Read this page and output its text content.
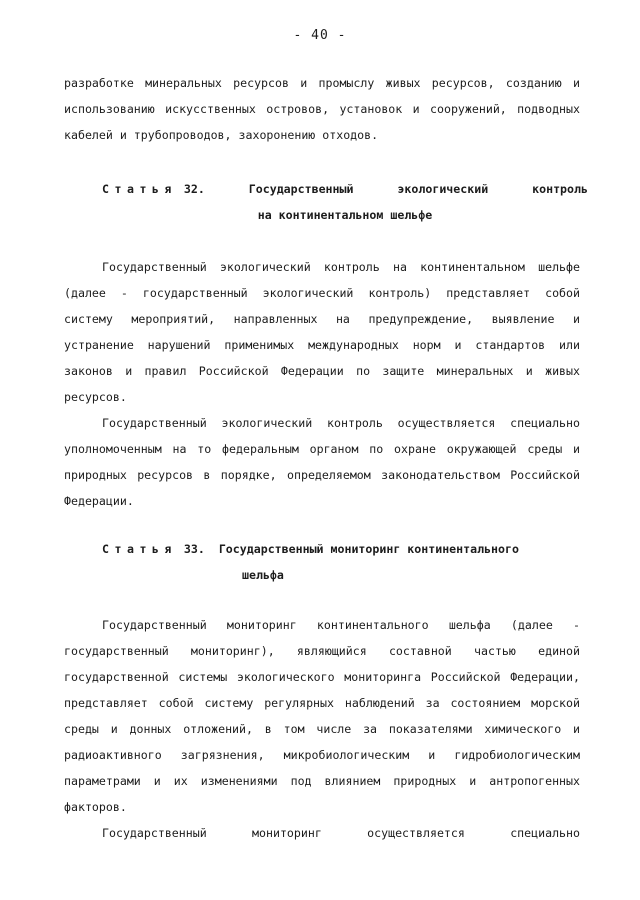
- 40 -

разработке минеральных ресурсов и промыслу живых ресурсов, созданию и использованию искусственных островов, установок и сооружений, подводных кабелей и трубопроводов, захоронению отходов.

Статья 32.	Государственный	экологический	контроль
на континентальном шельфе

Государственный экологический контроль на континентальном шельфе (далее - государственный экологический контроль) представляет собой систему мероприятий, направленных на предупреждение, выявление и устранение нарушений применимых международных норм и стандартов или законов и правил Российской Федерации по защите минеральных и живых ресурсов.

Государственный экологический контроль осуществляется специально уполномоченным на то федеральным органом по охране окружающей среды и природных ресурсов в порядке, определяемом законодательством Российской Федерации.

Статья 33. Государственный мониторинг континентального
шельфа

Государственный мониторинг континентального шельфа (далее - государственный мониторинг), являющийся составной частью единой государственной системы экологического мониторинга Российской Федерации, представляет собой систему регулярных наблюдений за состоянием морской среды и донных отложений, в том числе за показателями химического и радиоактивного загрязнения, микробиологическим и гидробиологическим параметрами и их изменениями под влиянием природных и антропогенных факторов.

Государственный мониторинг осуществляется специально
